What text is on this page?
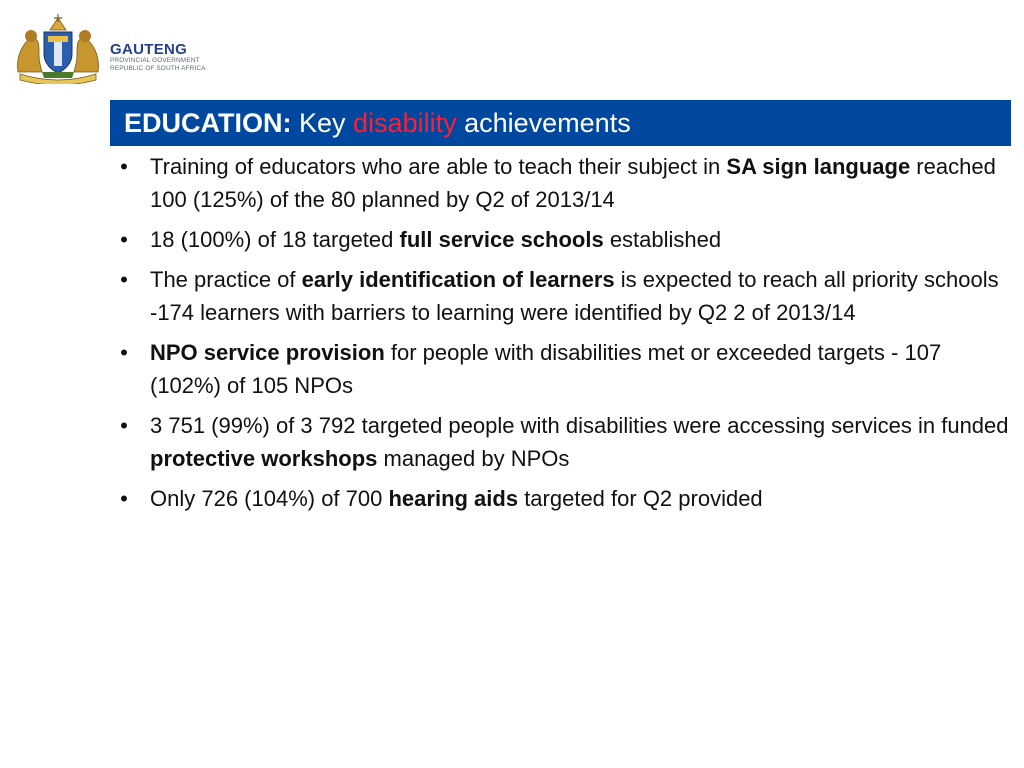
GAUTENG
PROVINCIAL GOVERNMENT
REPUBLIC OF SOUTH AFRICA
EDUCATION:
Key
disability
achievements
• Training of educators who are able to teach their subject in SA sign language reached 100 (125%) of the 80 planned by Q2 of 2013/14
• 18 (100%) of 18 targeted full service schools established
• The practice of early identification of learners is expected to reach all priority schools -174 learners with barriers to learning were identified by Q2 2 of 2013/14
• NPO service provision for people with disabilities met or exceeded targets - 107 (102%) of 105 NPOs
• 3 751 (99%) of 3 792 targeted people with disabilities were accessing services in funded protective workshops managed by NPOs
• Only 726 (104%) of 700 hearing aids targeted for Q2 provided
